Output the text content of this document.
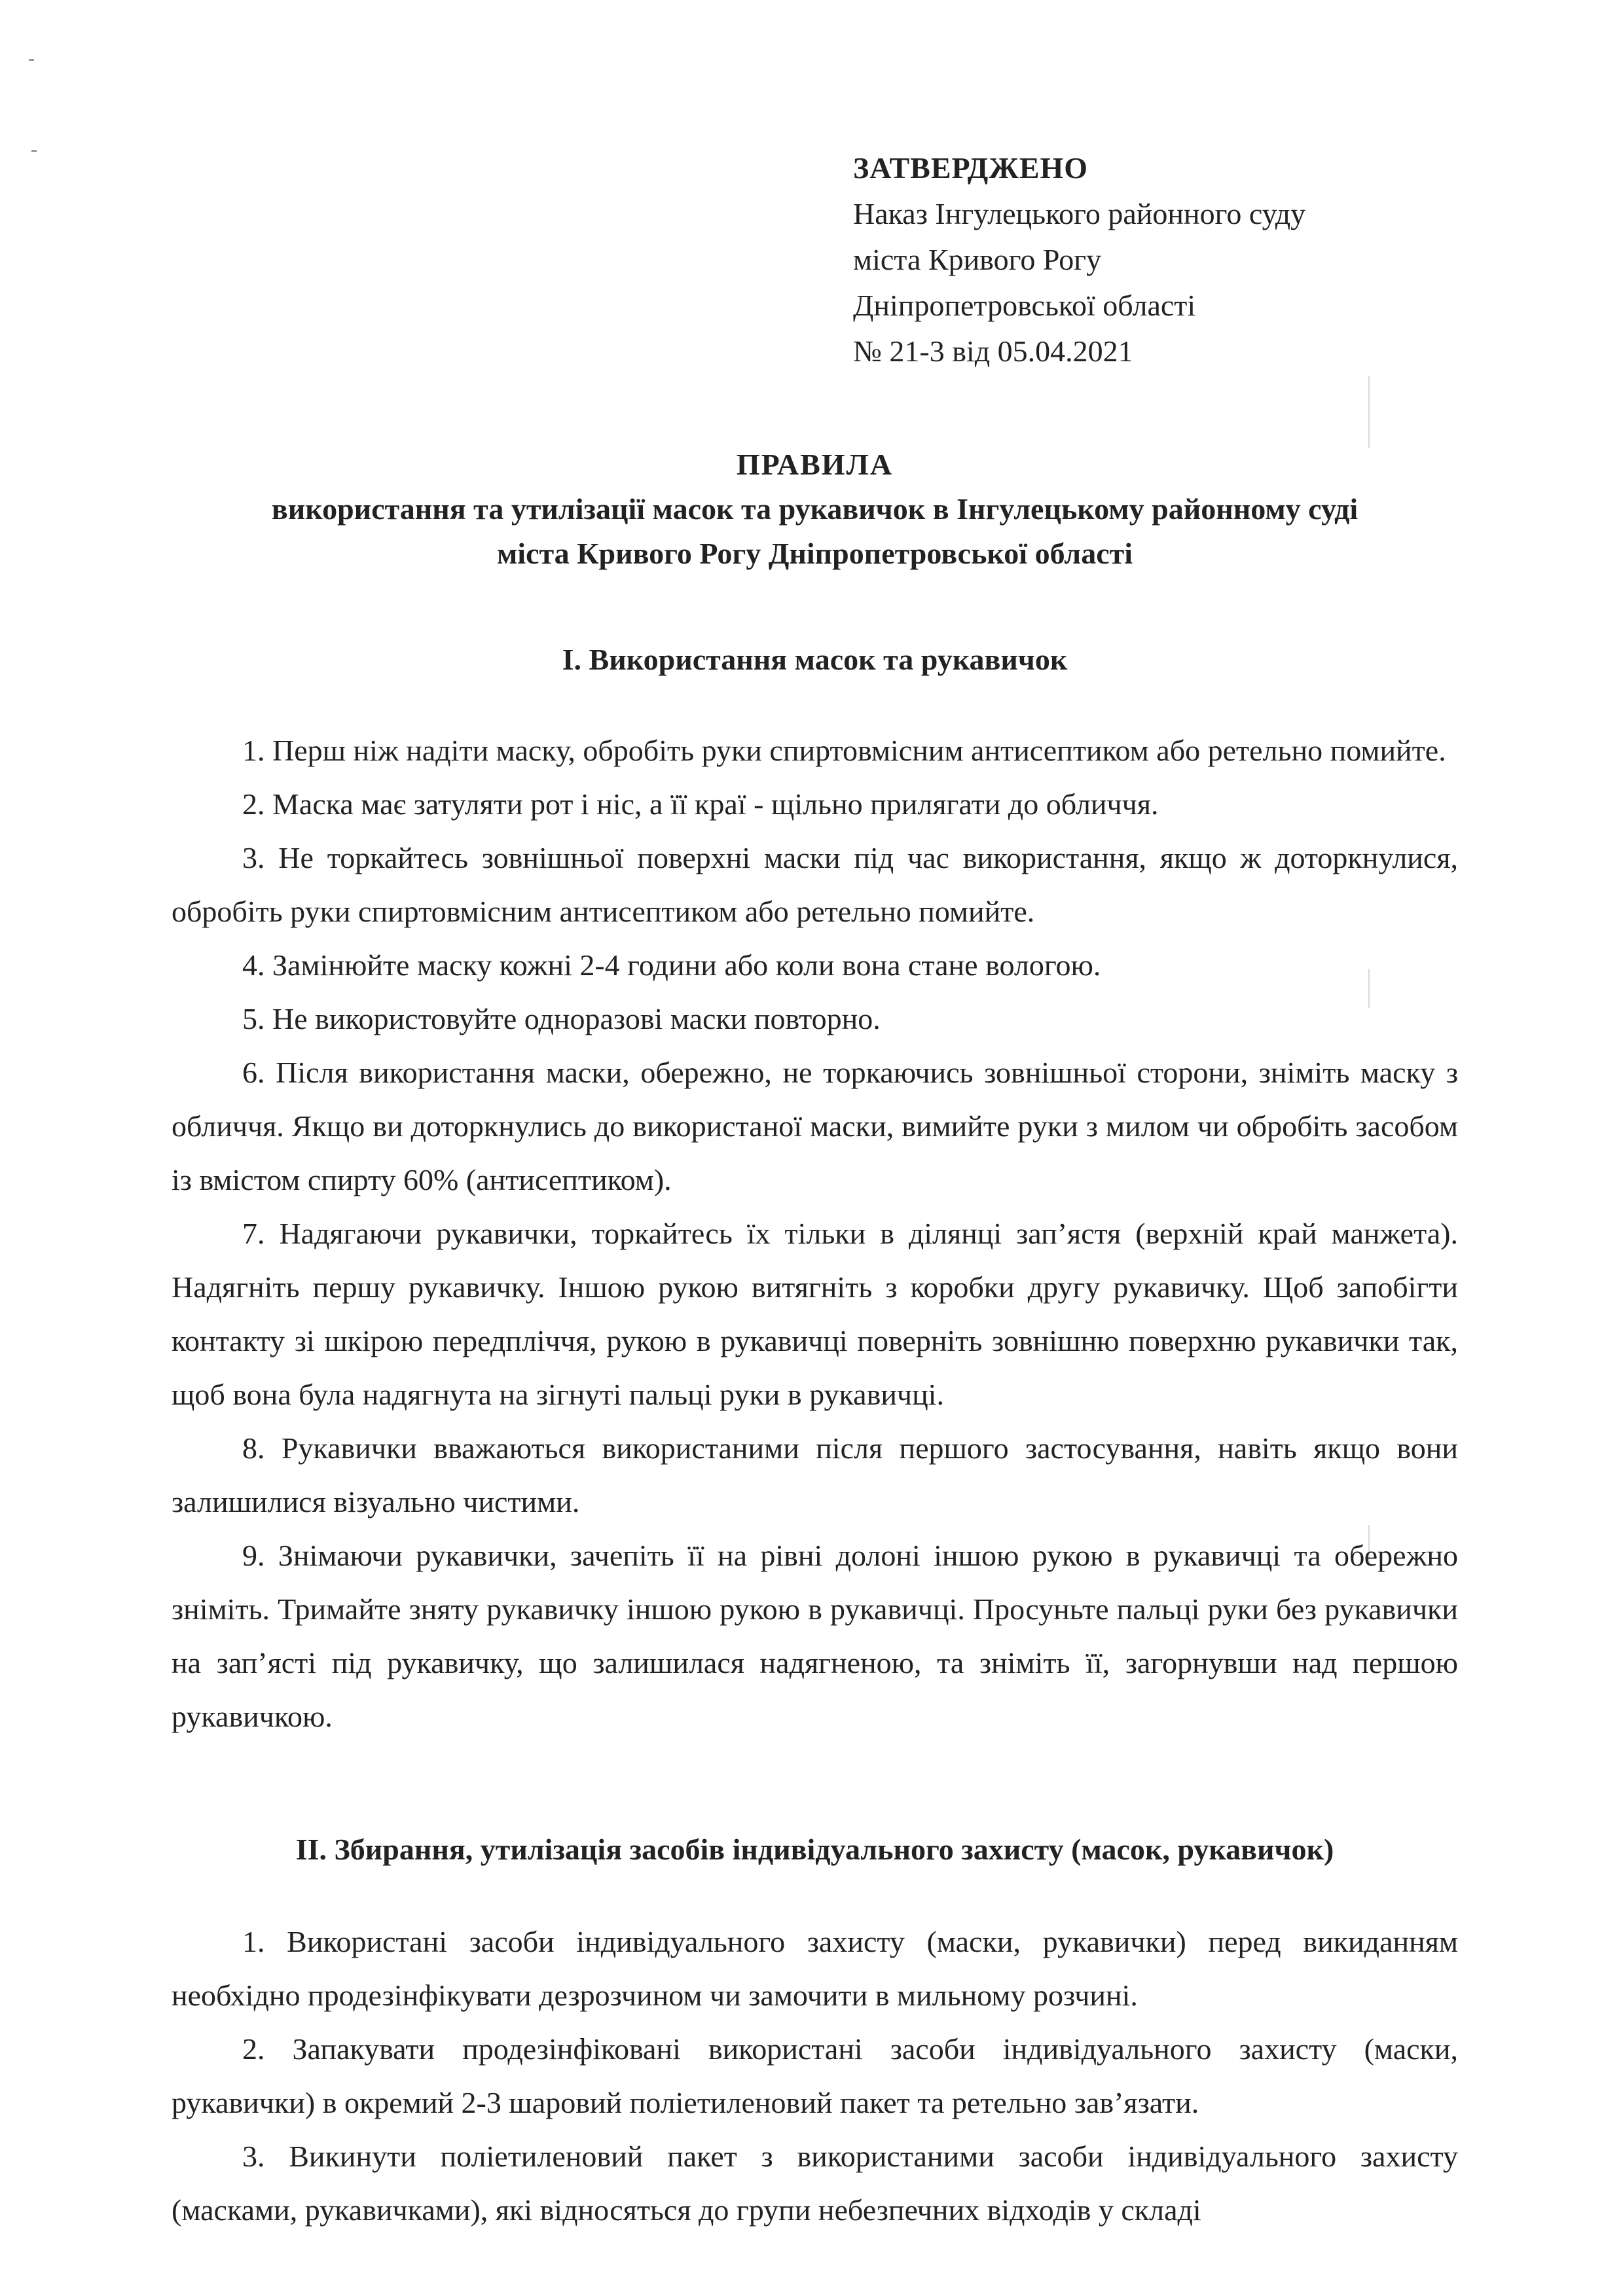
ЗАТВЕРДЖЕНО
Наказ Інгулецького районного суду
міста Кривого Рогу
Дніпропетровської області
№ 21-3 від 05.04.2021
ПРАВИЛА
використання та утилізації масок та рукавичок в Інгулецькому районному суді
міста Кривого Рогу Дніпропетровської області
І. Використання масок та рукавичок

1. Перш ніж надіти маску, обробіть руки спиртовмісним антисептиком або ретельно помийте.

2. Маска має затуляти рот і ніс, а її краї - щільно прилягати до обличчя.

3. Не торкайтесь зовнішньої поверхні маски під час використання, якщо ж доторкнулися, обробіть руки спиртовмісним антисептиком або ретельно помийте.

4. Замінюйте маску кожні 2-4 години або коли вона стане вологою.

5. Не використовуйте одноразові маски повторно.

6. Після використання маски, обережно, не торкаючись зовнішньої сторони, зніміть маску з обличчя. Якщо ви доторкнулись до використаної маски, вимийте руки з милом чи обробіть засобом із вмістом спирту 60% (антисептиком).

7. Надягаючи рукавички, торкайтесь їх тільки в ділянці зап’ястя (верхній край манжета). Надягніть першу рукавичку. Іншою рукою витягніть з коробки другу рукавичку. Щоб запобігти контакту зі шкірою передпліччя, рукою в рукавичці поверніть зовнішню поверхню рукавички так, щоб вона була надягнута на зігнуті пальці руки в рукавичці.

8. Рукавички вважаються використаними після першого застосування, навіть якщо вони залишилися візуально чистими.

9. Знімаючи рукавички, зачепіть її на рівні долоні іншою рукою в рукавичці та обережно зніміть. Тримайте зняту рукавичку іншою рукою в рукавичці. Просуньте пальці руки без рукавички на зап’ясті під рукавичку, що залишилася надягненою, та зніміть її, загорнувши над першою рукавичкою.

ІІ. Збирання, утилізація засобів індивідуального захисту (масок, рукавичок)

1. Використані засоби індивідуального захисту (маски, рукавички) перед викиданням необхідно продезінфікувати дезрозчином чи замочити в мильному розчині.

2. Запакувати продезінфіковані використані засоби індивідуального захисту (маски, рукавички) в окремий 2-3 шаровий поліетиленовий пакет та ретельно зав’язати.

3. Викинути поліетиленовий пакет з використаними засоби індивідуального захисту (масками, рукавичками), які відносяться до групи небезпечних відходів у складі
